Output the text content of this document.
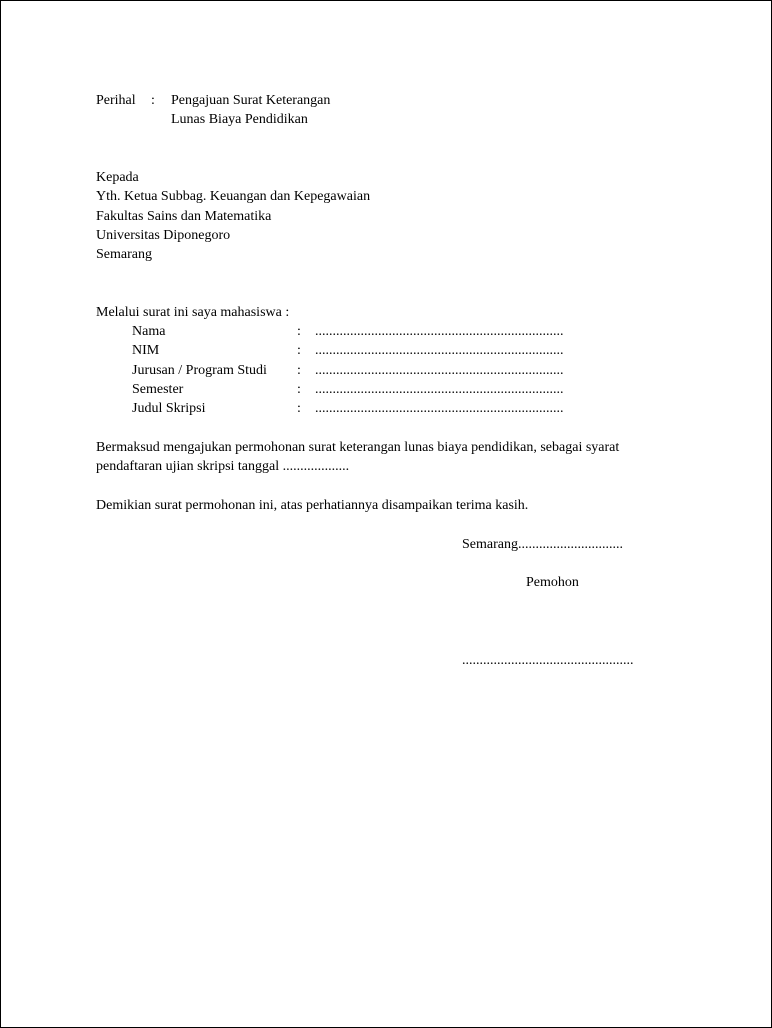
Perihal : Pengajuan Surat Keterangan
Lunas Biaya Pendidikan
Kepada
Yth. Ketua Subbag. Keuangan dan Kepegawaian
Fakultas Sains dan Matematika
Universitas Diponegoro
Semarang
Melalui surat ini saya mahasiswa :
Nama	: .......................................................................
NIM	: .......................................................................
Jurusan / Program Studi : .......................................................................
Semester	: .......................................................................
Judul Skripsi	: .......................................................................
Bermaksud mengajukan permohonan surat keterangan lunas biaya pendidikan, sebagai syarat
pendaftaran ujian skripsi tanggal ...................
Demikian surat permohonan ini, atas perhatiannya disampaikan terima kasih.
Semarang..............................
Pemohon
.................................................
